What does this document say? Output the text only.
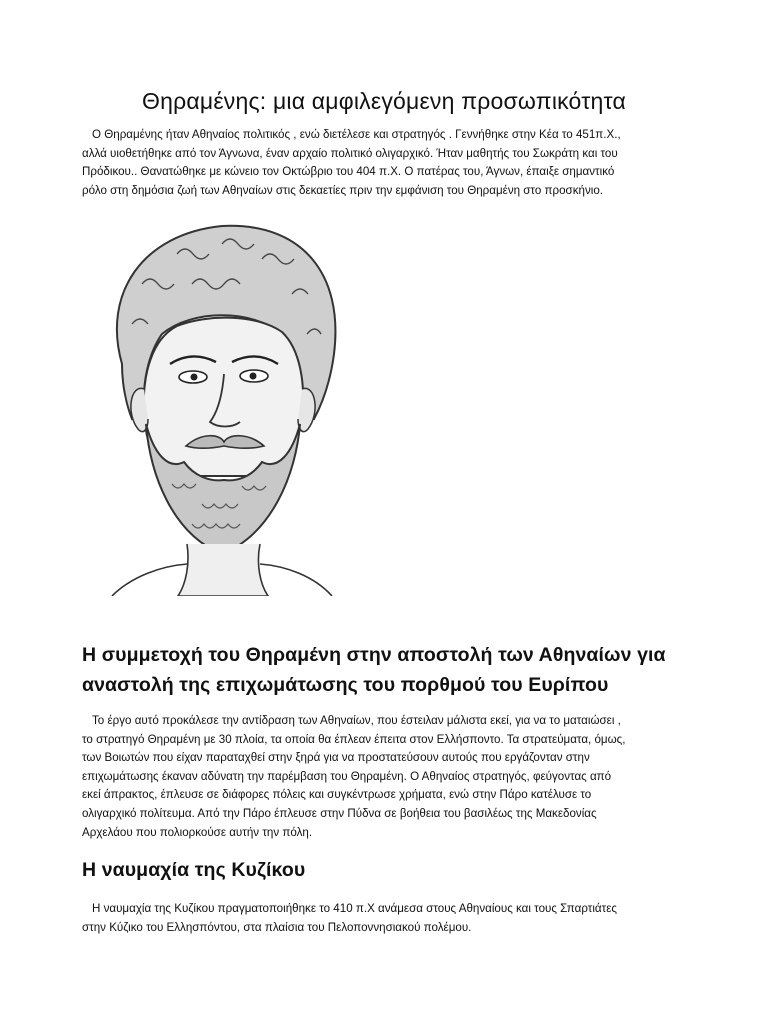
Θηραμένης: μια αμφιλεγόμενη προσωπικότητα
Ο Θηραμένης ήταν Αθηναίος πολιτικός , ενώ διετέλεσε και στρατηγός . Γεννήθηκε στην Κέα το 451π.Χ.,
αλλά υιοθετήθηκε από τον Άγνωνα, έναν αρχαίο πολιτικό ολιγαρχικό. Ήταν μαθητής του Σωκράτη και του
Πρόδικου.. Θανατώθηκε με κώνειο τον Οκτώβριο του 404 π.Χ. Ο πατέρας του, Άγνων, έπαιξε σημαντικό
ρόλο στη δημόσια ζωή των Αθηναίων στις δεκαετίες πριν την εμφάνιση του Θηραμένη στο προσκήνιο.
Η συμμετοχή του Θηραμένη στην αποστολή των Αθηναίων για
αναστολή της επιχωμάτωσης του πορθμού του Ευρίπου
Το έργο αυτό προκάλεσε την αντίδραση των Αθηναίων, που έστειλαν μάλιστα εκεί, για να το ματαιώσει ,
το στρατηγό Θηραμένη με 30 πλοία, τα οποία θα έπλεαν έπειτα στον Ελλήσποντο. Τα στρατεύματα, όμως,
των Βοιωτών που είχαν παραταχθεί στην ξηρά για να προστατεύσουν αυτούς που εργάζονταν στην
επιχωμάτωσης έκαναν αδύνατη την παρέμβαση του Θηραμένη. Ο Αθηναίος στρατηγός, φεύγοντας από
εκεί άπρακτος, έπλευσε σε διάφορες πόλεις και συγκέντρωσε χρήματα, ενώ στην Πάρο κατέλυσε το
ολιγαρχικό πολίτευμα. Από την Πάρο έπλευσε στην Πύδνα σε βοήθεια του βασιλέως της Μακεδονίας
Αρχελάου που πολιορκούσε αυτήν την πόλη.
Η ναυμαχία της Κυζίκου
Η ναυμαχία της Κυζίκου πραγματοποιήθηκε το 410 π.Χ ανάμεσα στους Αθηναίους και τους Σπαρτιάτες
στην Κύζικο του Ελλησπόντου, στα πλαίσια του Πελοποννησιακού πολέμου.
